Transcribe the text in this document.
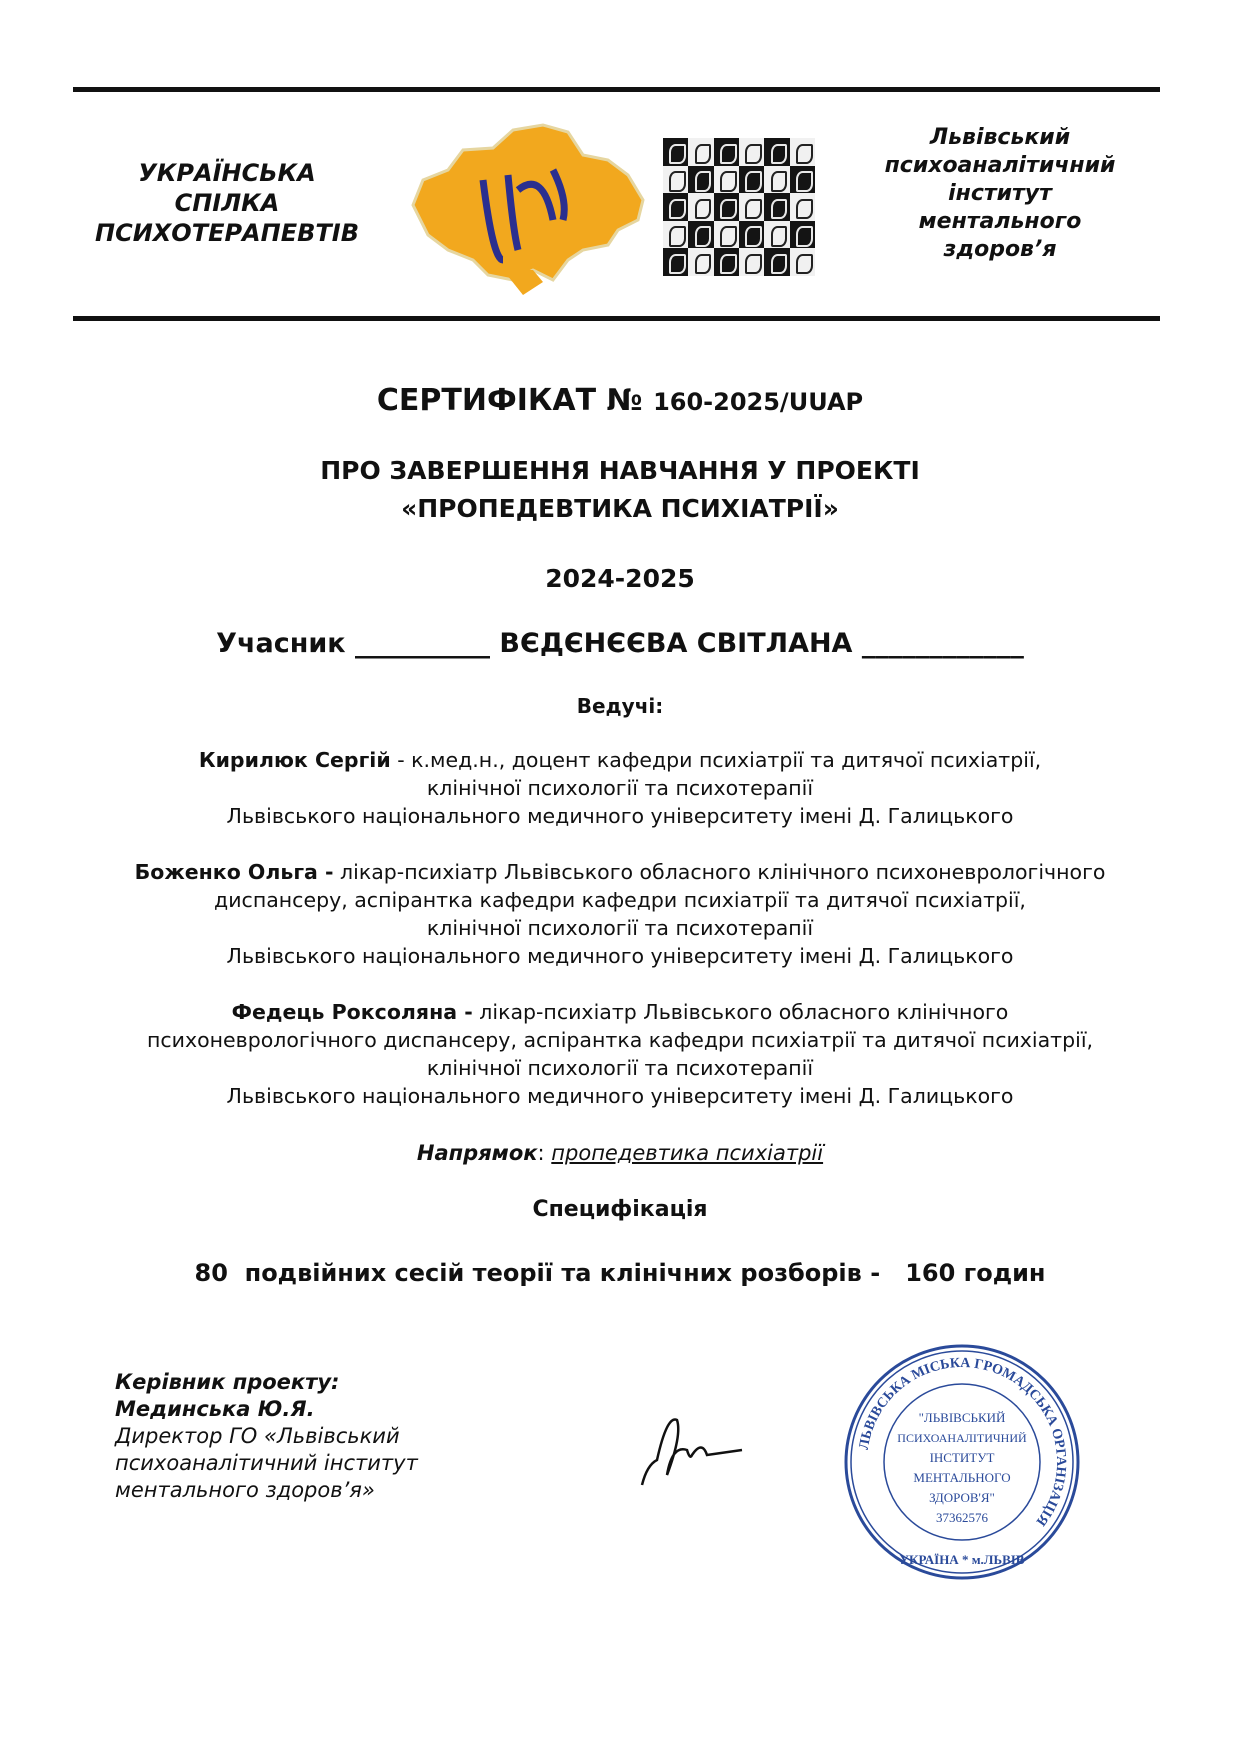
УКРАЇНСЬКА
СПІЛКА
ПСИХОТЕРАПЕВТІВ
Львівський
психоаналітичний
інститут
ментального
здоров’я
СЕРТИФІКАТ № 160-2025/UUAP
ПРО ЗАВЕРШЕННЯ НАВЧАННЯ У ПРОЕКТІ
«ПРОПЕДЕВТИКА ПСИХІАТРІЇ»
2024-2025
Учасник __________ ВЄДЄНЄЄВА СВІТЛАНА ____________
Ведучі:
Кирилюк Сергій - к.мед.н., доцент кафедри психіатрії та дитячої психіатрії,
клінічної психології та психотерапії
Львівського національного медичного університету імені Д. Галицького
Боженко Ольга - лікар-психіатр Львівського обласного клінічного психоневрологічного
диспансеру, аспірантка кафедри кафедри психіатрії та дитячої психіатрії,
клінічної психології та психотерапії
Львівського національного медичного університету імені Д. Галицького
Федець Роксоляна - лікар-психіатр Львівського обласного клінічного
психоневрологічного диспансеру, аспірантка кафедри психіатрії та дитячої психіатрії,
клінічної психології та психотерапії
Львівського національного медичного університету імені Д. Галицького
Напрямок: пропедевтика психіатрії
Специфікація
80  подвійних сесій теорії та клінічних розборів -   160 годин
Керівник проекту:
Мединська Ю.Я.
Директор ГО «Львівський
психоаналітичний інститут
ментального здоров’я»
ЛЬВІВСЬКА МІСЬКА ГРОМАДСЬКА ОРГАНІЗАЦІЯ
УКРАЇНА * м.ЛЬВІВ
"ЛЬВІВСЬКИЙ
ПСИХОАНАЛІТИЧНИЙ
ІНСТИТУТ
МЕНТАЛЬНОГО
ЗДОРОВ'Я"
37362576
